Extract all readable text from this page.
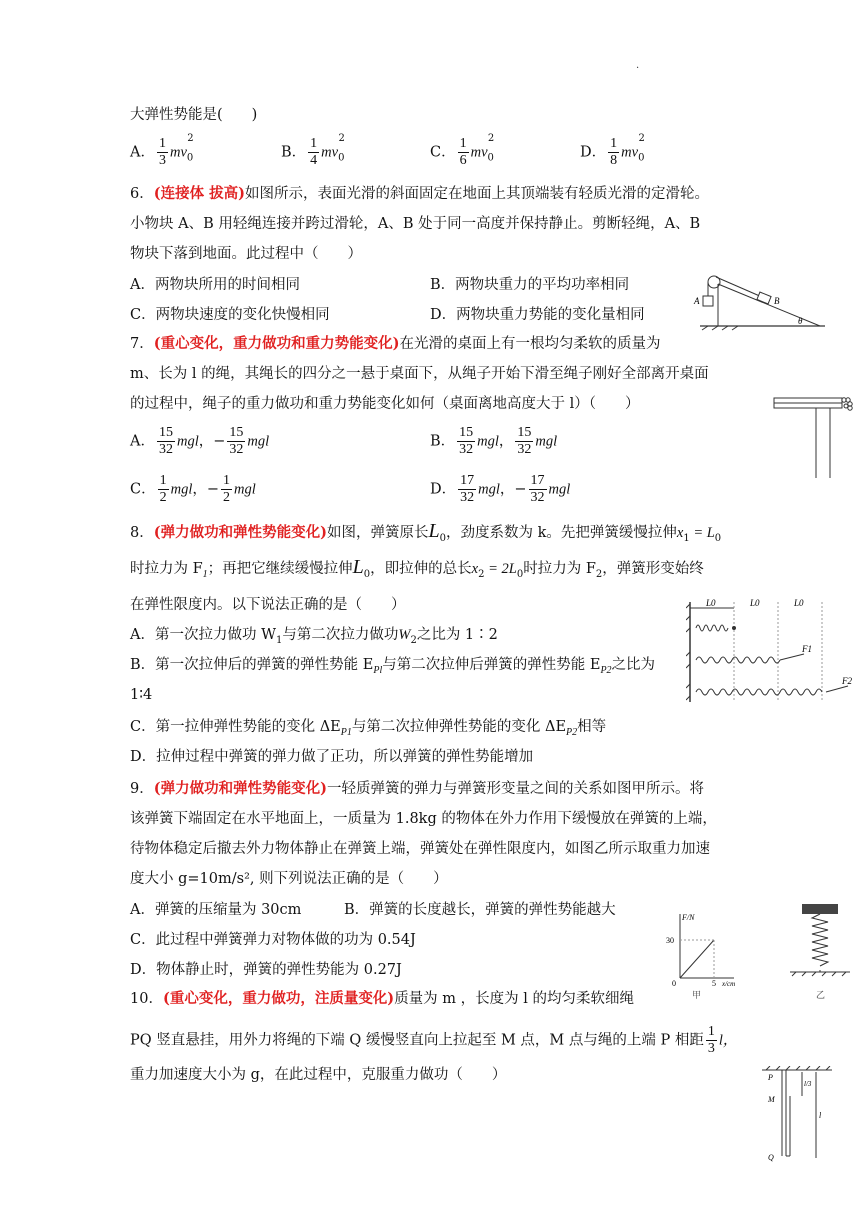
.
大弹性势能是(　　)
A． $\frac{1}{3} mv_0^2$
B． $\frac{1}{4} mv_0^2$
C． $\frac{1}{6} mv_0^2$
D． $\frac{1}{8} mv_0^2$
6．(连接体 拔高)如图所示，表面光滑的斜面固定在地面上其顶端装有轻质光滑的定滑轮。
小物块 A、B 用轻绳连接并跨过滑轮，A、B 处于同一高度并保持静止。剪断轻绳，A、B
物块下落到地面。此过程中（　　）
A．两物块所用的时间相同	B．两物块重力的平均功率相同
C．两物块速度的变化快慢相同	D．两物块重力势能的变化量相同
A	B
θ
7．(重心变化，重力做功和重力势能变化)在光滑的桌面上有一根均匀柔软的质量为
m、长为 l 的绳，其绳长的四分之一悬于桌面下，从绳子开始下滑至绳子刚好全部离开桌面
的过程中，绳子的重力做功和重力势能变化如何（桌面离地高度大于 l）（　　）
A． $\frac{15}{32}$ mgl，− $\frac{15}{32}$ mgl	B． $\frac{15}{32}$ mgl， $\frac{15}{32}$ mgl
C． $\frac{1}{2}$ mgl，− $\frac{1}{2}$ mgl	D． $\frac{17}{32}$ mgl，− $\frac{17}{32}$ mgl
8．(弹力做功和弹性势能变化)如图，弹簧原长$L_0$，劲度系数为 k。先把弹簧缓慢拉伸$x_1 = L_0$
时拉力为 $F_1$；再把它继续缓慢拉伸$L_0$，即拉伸的总长$x_2 = 2L_0$时拉力为 $F_2$，弹簧形变始终
在弹性限度内。以下说法正确的是（　　）
A．第一次拉力做功 $W_1$与第二次拉力做功$W_2$之比为 1∶2
B．第一次拉伸后的弹簧的弹性势能 $E_{Pl}$与第二次拉伸后弹簧的弹性势能 $E_{P2}$之比为
1∶4
C．第一拉伸弹性势能的变化 $\Delta E_{P1}$与第二次拉伸弹性势能的变化 $\Delta E_{P2}$相等
D．拉伸过程中弹簧的弹力做了正功，所以弹簧的弹性势能增加
L0	L0	L0
F1
F2
9．(弹力做功和弹性势能变化)一轻质弹簧的弹力与弹簧形变量之间的关系如图甲所示。将
该弹簧下端固定在水平地面上，一质量为 1.8kg 的物体在外力作用下缓慢放在弹簧的上端，
待物体稳定后撤去外力物体静止在弹簧上端，弹簧处在弹性限度内，如图乙所示取重力加速
度大小 g=10m/s², 则下列说法正确的是（　　）
A．弹簧的压缩量为 30cm	B．弹簧的长度越长，弹簧的弹性势能越大
C．此过程中弹簧弹力对物体做的功为 0.54J
D．物体静止时，弹簧的弹性势能为 0.27J
F/N
30
5
0	x/cm
甲	乙
10．(重心变化，重力做功，注质量变化)质量为 m ，长度为 l 的均匀柔软细绳
PQ 竖直悬挂，用外力将绳的下端 Q 缓慢竖直向上拉起至 M 点，M 点与绳的上端 P 相距 $\frac{1}{3}$ l，
重力加速度大小为 g，在此过程中，克服重力做功（　　）	P
M
Q
l/3
l
